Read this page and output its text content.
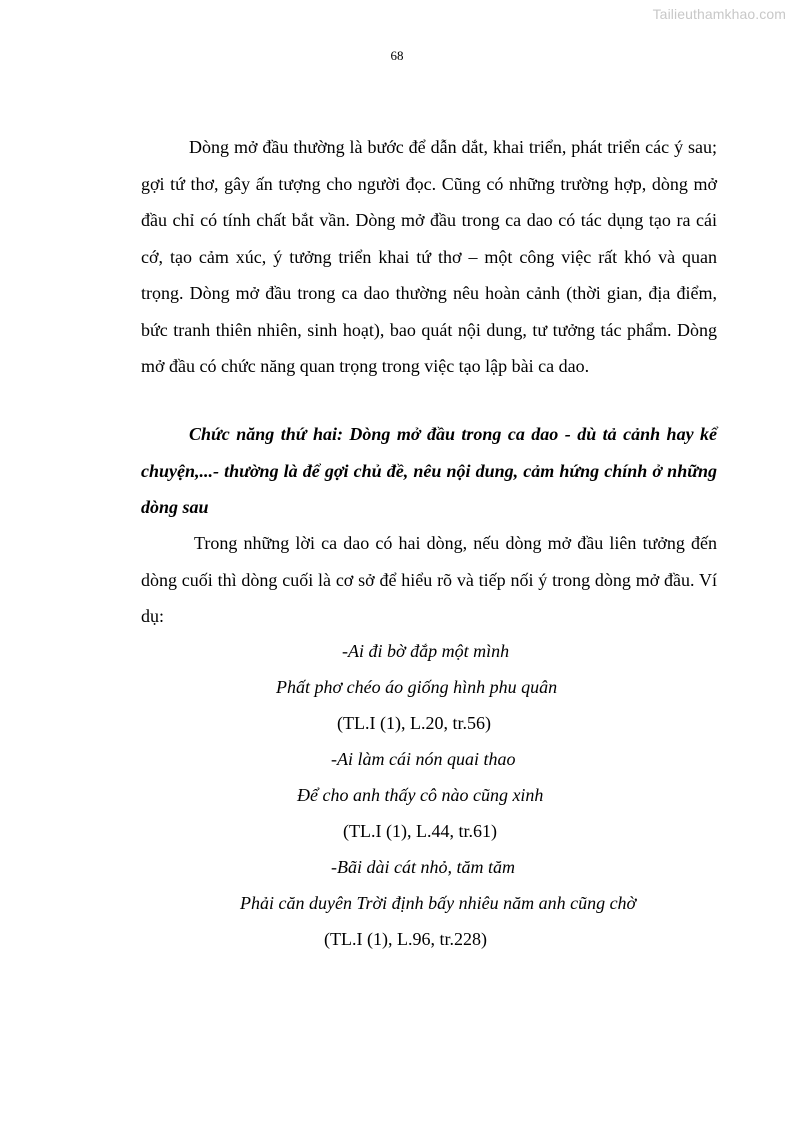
Tailieuthamkhao.com
68
Dòng mở đầu thường là bước để dẫn dắt, khai triển, phát triển các ý sau; gợi tứ thơ, gây ấn tượng cho người đọc. Cũng có những trường hợp, dòng mở đầu chỉ có tính chất bắt vần. Dòng mở đầu trong ca dao có tác dụng tạo ra cái cớ, tạo cảm xúc, ý tưởng triển khai tứ thơ – một công việc rất khó và quan trọng. Dòng mở đầu trong ca dao thường nêu hoàn cảnh (thời gian, địa điểm, bức tranh thiên nhiên, sinh hoạt), bao quát nội dung, tư tưởng tác phẩm. Dòng mở đầu có chức năng quan trọng trong việc tạo lập bài ca dao.
Chức năng thứ hai: Dòng mở đầu trong ca dao - dù tả cảnh hay kể chuyện,...- thường là để gợi chủ đề, nêu nội dung, cảm hứng chính ở những dòng sau
Trong những lời ca dao có hai dòng, nếu dòng mở đầu liên tưởng đến dòng cuối thì dòng cuối là cơ sở để hiểu rõ và tiếp nối ý trong dòng mở đầu. Ví dụ:
-Ai đi bờ đắp một mình
Phất phơ chéo áo giống hình phu quân
(TL.I (1), L.20, tr.56)
-Ai làm cái nón quai thao
Để cho anh thấy cô nào cũng xinh
(TL.I (1), L.44, tr.61)
-Bãi dài cát nhỏ, tăm tăm
Phải căn duyên Trời định bấy nhiêu năm anh cũng chờ
(TL.I (1), L.96, tr.228)
